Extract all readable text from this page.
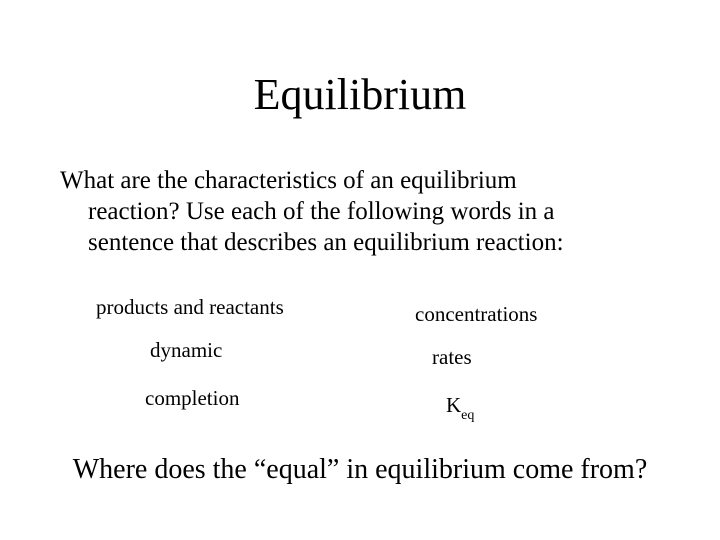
Equilibrium
What are the characteristics of an equilibrium
reaction? Use each of the following words in a
sentence that describes an equilibrium reaction:
products and reactants	concentrations
dynamic	rates
completion	$K_{eq}$
Where does the “equal” in equilibrium come from?
